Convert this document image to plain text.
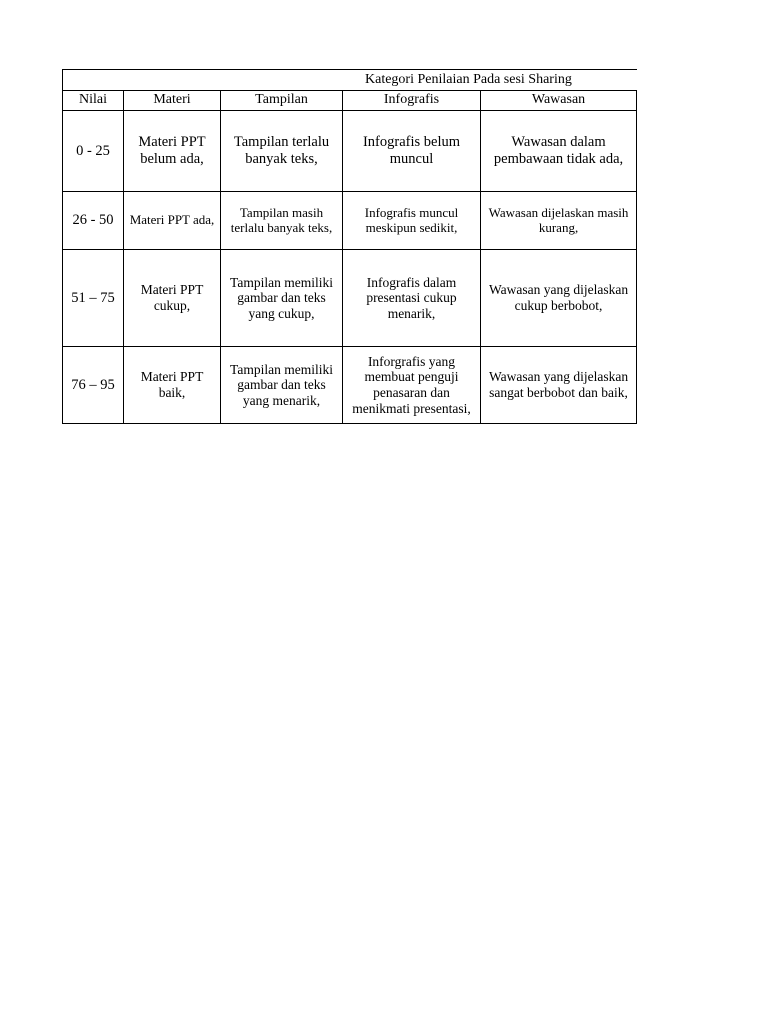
Kategori Penilaian Pada sesi Sharing				
Nilai	Materi	Tampilan	Infografis	Wawasan
0 - 25	Materi PPT belum ada,	Tampilan terlalu banyak teks,	Infografis belum muncul	Wawasan dalam pembawaan tidak ada,
26 - 50	Materi PPT ada,	Tampilan masih terlalu banyak teks,	Infografis muncul meskipun sedikit,	Wawasan dijelaskan masih kurang,
51 – 75	Materi PPT cukup,	Tampilan memiliki gambar dan teks yang cukup,	Infografis dalam presentasi cukup menarik,	Wawasan yang dijelaskan cukup berbobot,
76 – 95	Materi PPT baik,	Tampilan memiliki gambar dan teks yang menarik,	Inforgrafis yang membuat penguji penasaran dan menikmati presentasi,	Wawasan yang dijelaskan sangat berbobot dan baik,
